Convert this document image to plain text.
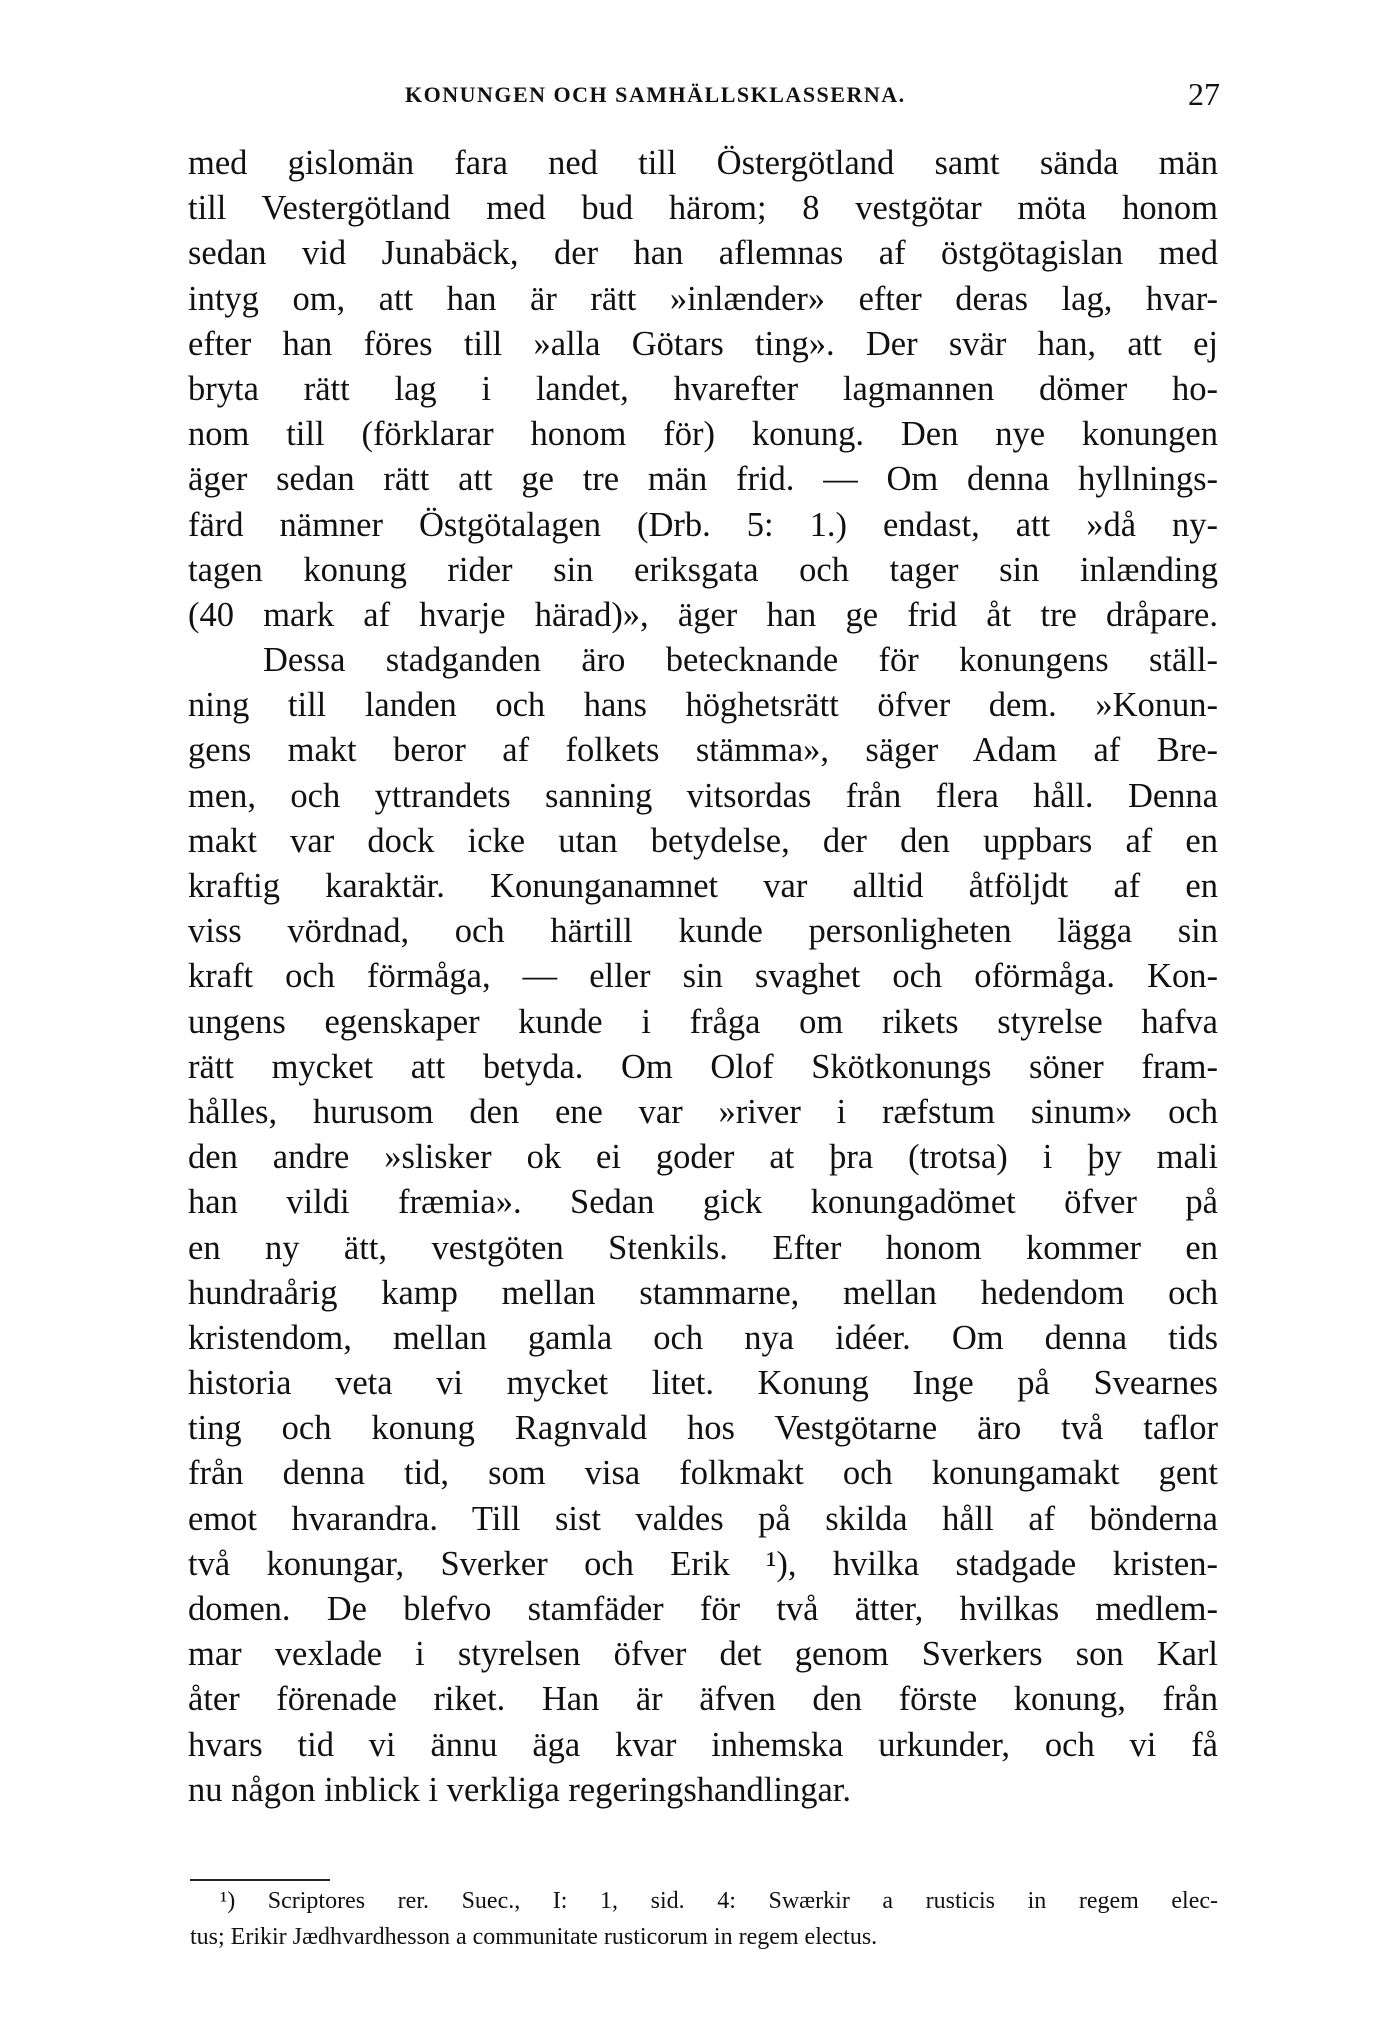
KONUNGEN OCH SAMHÄLLSKLASSERNA.	27
med gislomän fara ned till Östergötland samt sända män
till Vestergötland med bud härom; 8 vestgötar möta honom
sedan vid Junabäck, der han aflemnas af östgötagislan med
intyg om, att han är rätt »inlænder» efter deras lag, hvar-
efter han föres till »alla Götars ting». Der svär han, att ej
bryta rätt lag i landet, hvarefter lagmannen dömer ho-
nom till (förklarar honom för) konung. Den nye konungen
äger sedan rätt att ge tre män frid. — Om denna hyllnings-
färd nämner Östgötalagen (Drb. 5: 1.) endast, att »då ny-
tagen konung rider sin eriksgata och tager sin inlænding
(40 mark af hvarje härad)», äger han ge frid åt tre dråpare.
Dessa stadganden äro betecknande för konungens ställ-
ning till landen och hans höghetsrätt öfver dem. »Konun-
gens makt beror af folkets stämma», säger Adam af Bre-
men, och yttrandets sanning vitsordas från flera håll. Denna
makt var dock icke utan betydelse, der den uppbars af en
kraftig karaktär. Konunganamnet var alltid åtföljdt af en
viss vördnad, och härtill kunde personligheten lägga sin
kraft och förmåga, — eller sin svaghet och oförmåga. Kon-
ungens egenskaper kunde i fråga om rikets styrelse hafva
rätt mycket att betyda. Om Olof Skötkonungs söner fram-
hålles, hurusom den ene var »river i ræfstum sinum» och
den andre »slisker ok ei goder at þra (trotsa) i þy mali
han vildi fræmia». Sedan gick konungadömet öfver på
en ny ätt, vestgöten Stenkils. Efter honom kommer en
hundraårig kamp mellan stammarne, mellan hedendom och
kristendom, mellan gamla och nya idéer. Om denna tids
historia veta vi mycket litet. Konung Inge på Svearnes
ting och konung Ragnvald hos Vestgötarne äro två taflor
från denna tid, som visa folkmakt och konungamakt gent
emot hvarandra. Till sist valdes på skilda håll af bönderna
två konungar, Sverker och Erik ¹), hvilka stadgade kristen-
domen. De blefvo stamfäder för två ätter, hvilkas medlem-
mar vexlade i styrelsen öfver det genom Sverkers son Karl
åter förenade riket. Han är äfven den förste konung, från
hvars tid vi ännu äga kvar inhemska urkunder, och vi få
nu någon inblick i verkliga regeringshandlingar.
¹) Scriptores rer. Suec., I: 1, sid. 4: Swærkir a rusticis in regem elec-
tus; Erikir Jædhvardhesson a communitate rusticorum in regem electus.
